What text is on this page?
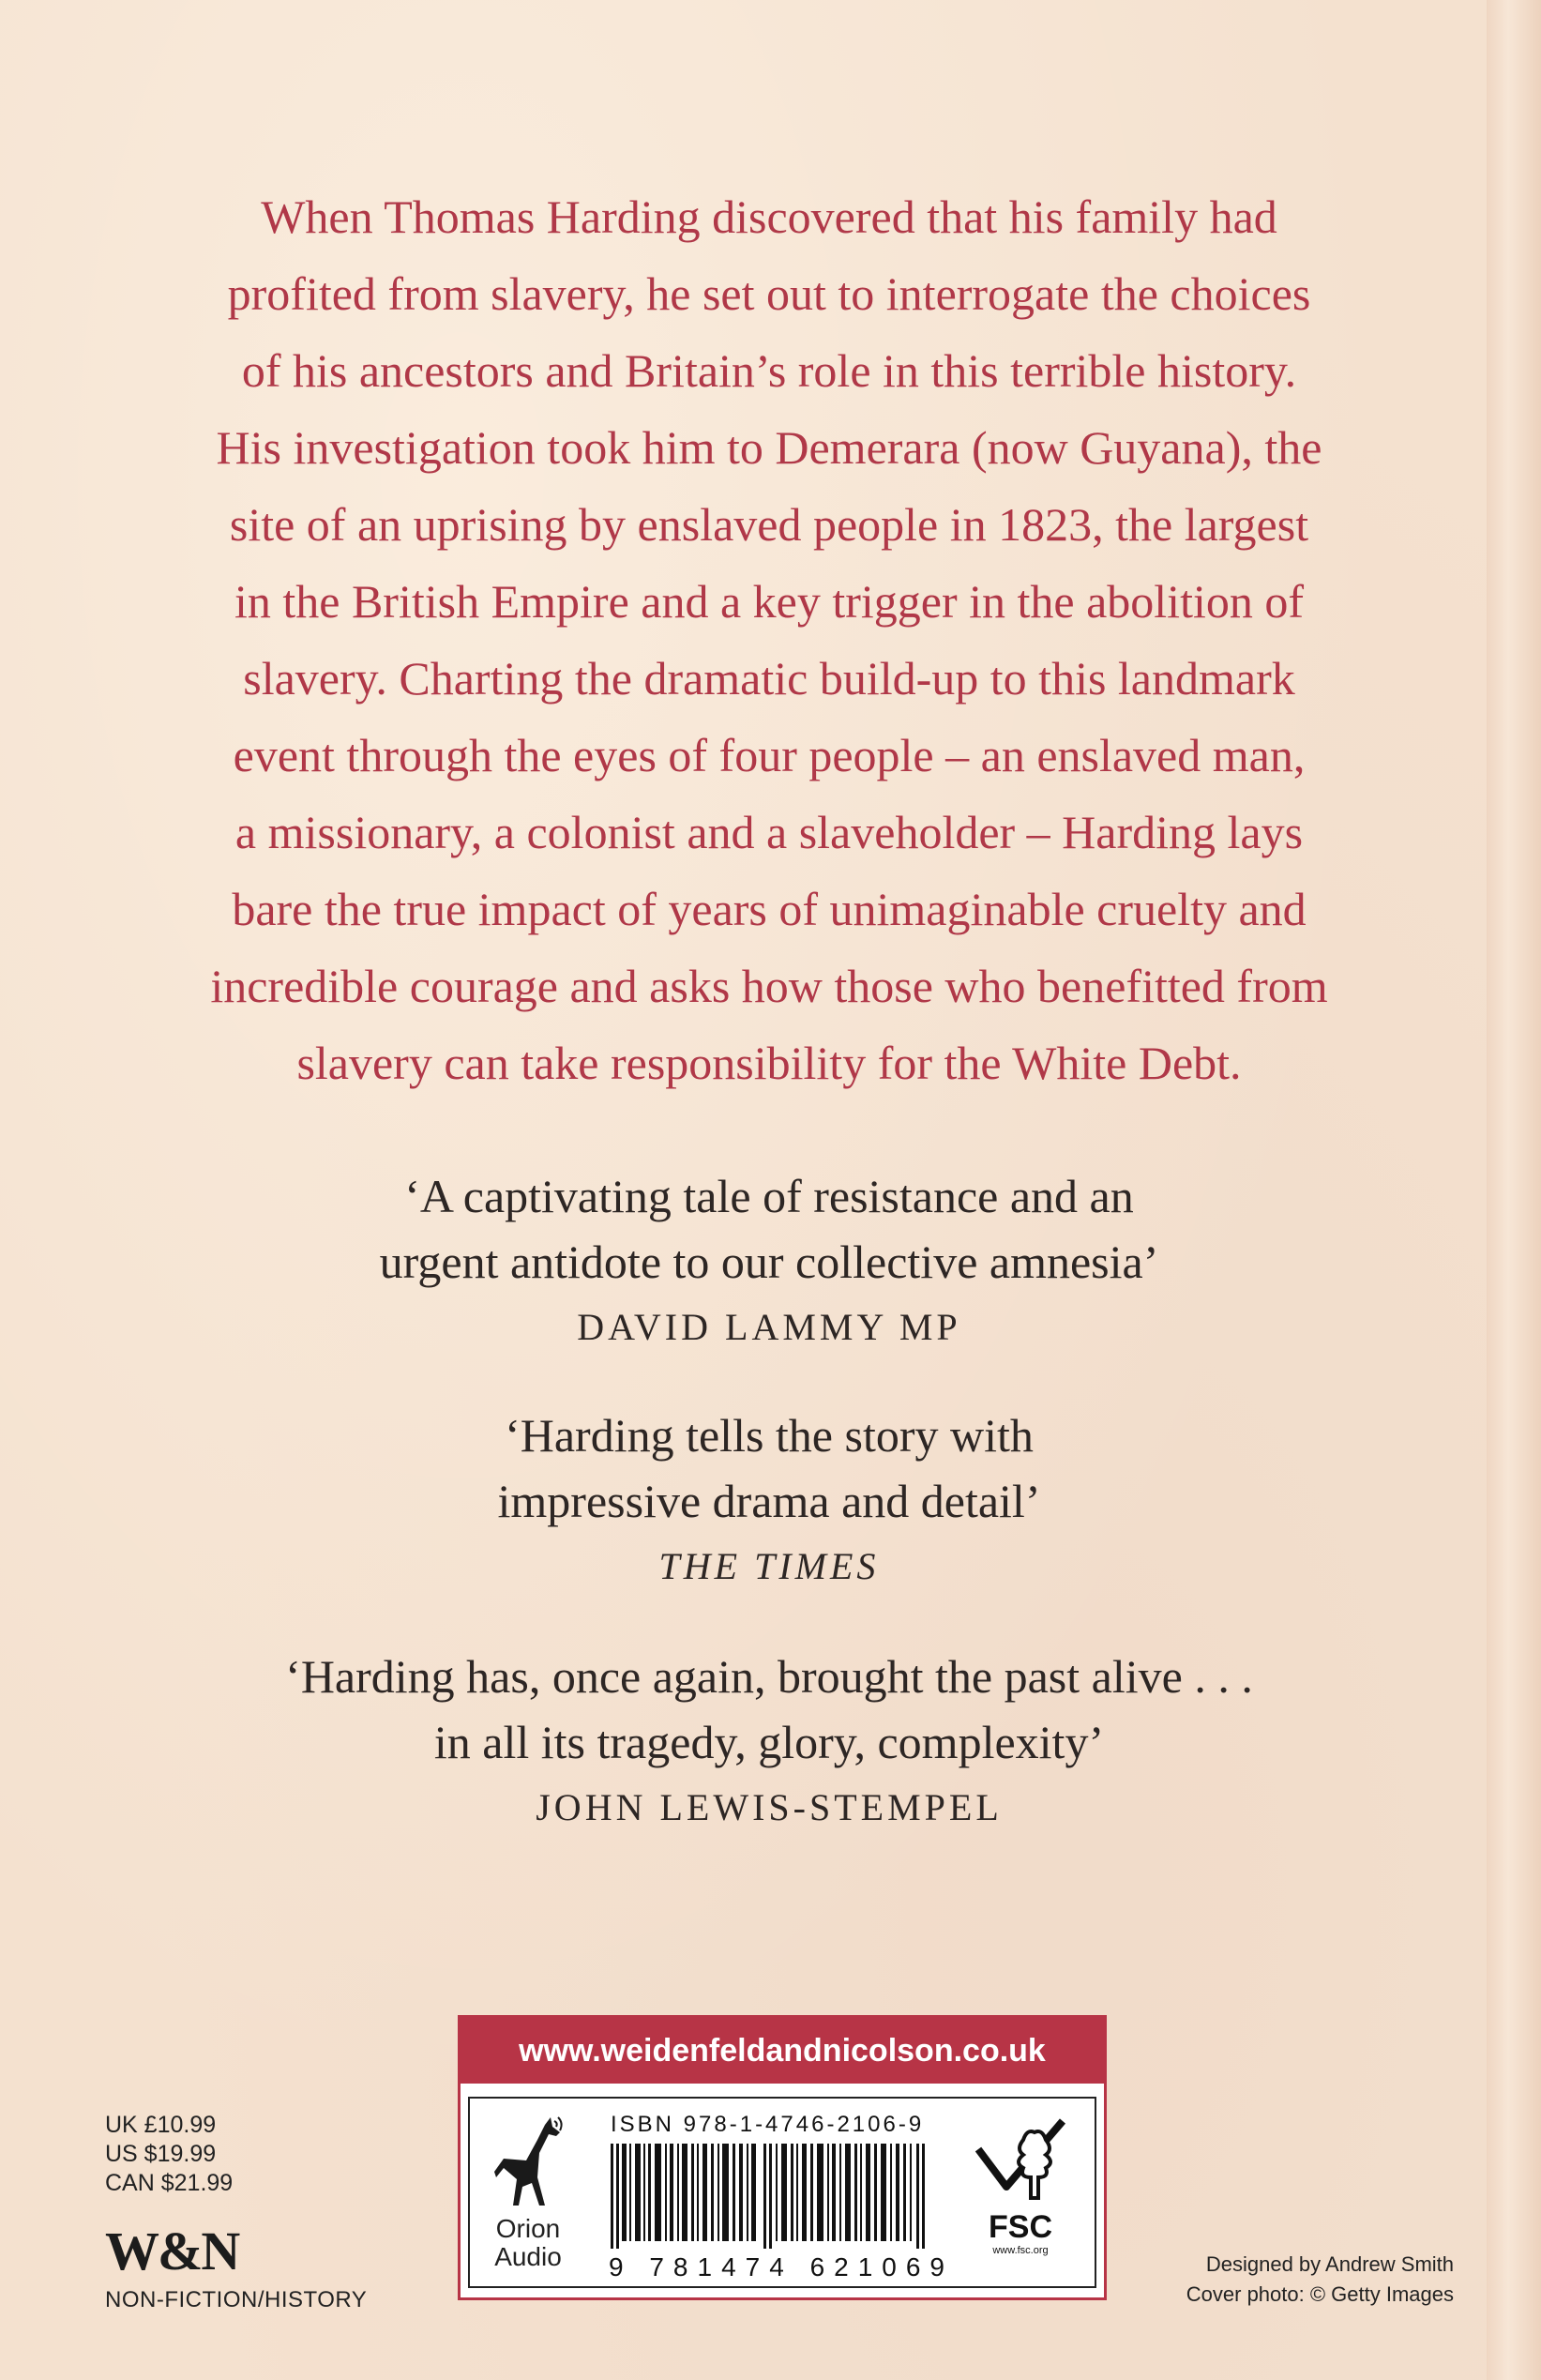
When Thomas Harding discovered that his family had
profited from slavery, he set out to interrogate the choices
of his ancestors and Britain’s role in this terrible history.
His investigation took him to Demerara (now Guyana), the
site of an uprising by enslaved people in 1823, the largest
in the British Empire and a key trigger in the abolition of
slavery. Charting the dramatic build-up to this landmark
event through the eyes of four people – an enslaved man,
a missionary, a colonist and a slaveholder – Harding lays
bare the true impact of years of unimaginable cruelty and
incredible courage and asks how those who benefitted from
slavery can take responsibility for the White Debt.

‘A captivating tale of resistance and an
urgent antidote to our collective amnesia’
DAVID LAMMY MP

‘Harding tells the story with
impressive drama and detail’
THE TIMES

‘Harding has, once again, brought the past alive . . .
in all its tragedy, glory, complexity’
JOHN LEWIS-STEMPEL

www.weidenfeldandnicolson.co.uk
Orion
Audio
ISBN 978-1-4746-2106-9
9 781474 621069
FSC
www.fsc.org
UK £10.99
US $19.99
CAN $21.99
W&N
NON-FICTION/HISTORY
Designed by Andrew Smith
Cover photo: © Getty Images
